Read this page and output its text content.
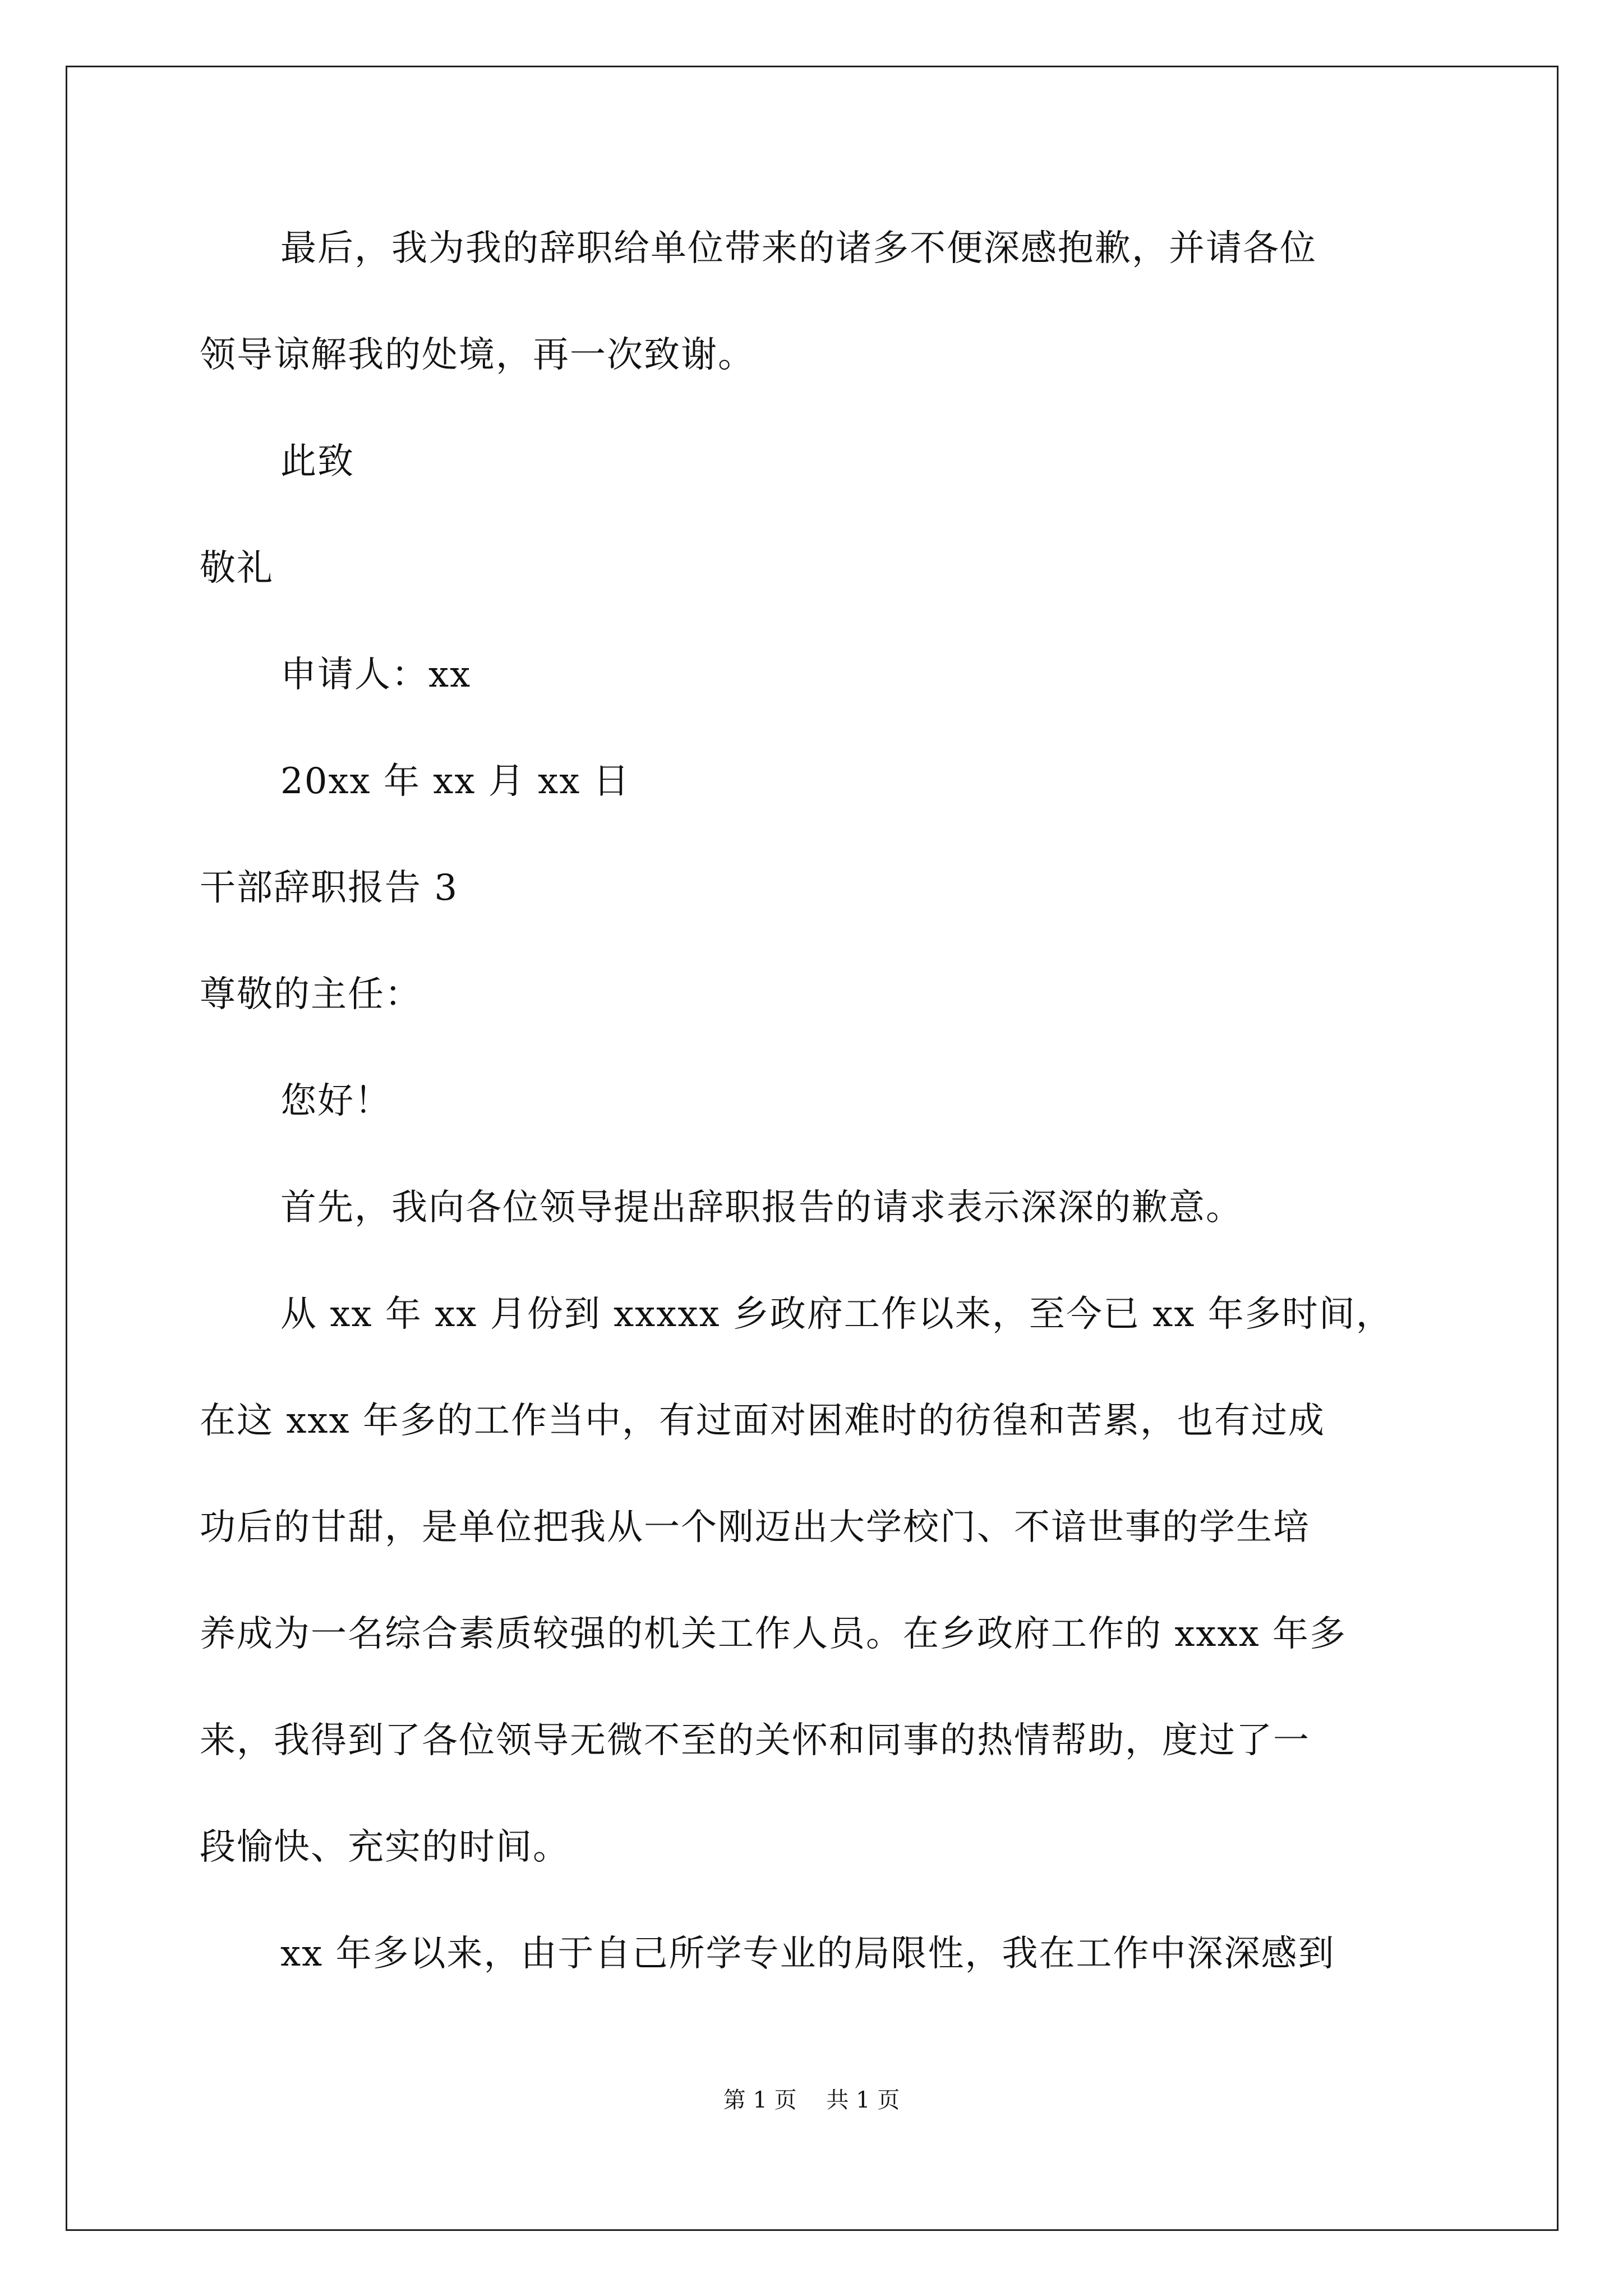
最后，我为我的辞职给单位带来的诸多不便深感抱歉，并请各位
领导谅解我的处境，再一次致谢。
此致
敬礼
申请人：xx
20xx 年 xx 月 xx 日
干部辞职报告 3
尊敬的主任：
您好！
首先，我向各位领导提出辞职报告的请求表示深深的歉意。
从 xx 年 xx 月份到 xxxxx 乡政府工作以来，至今已 xx 年多时间，
在这 xxx 年多的工作当中，有过面对困难时的彷徨和苦累，也有过成
功后的甘甜，是单位把我从一个刚迈出大学校门、不谙世事的学生培
养成为一名综合素质较强的机关工作人员。在乡政府工作的 xxxx 年多
来，我得到了各位领导无微不至的关怀和同事的热情帮助，度过了一
段愉快、充实的时间。
xx 年多以来，由于自己所学专业的局限性，我在工作中深深感到
第 1 页 共 1 页
